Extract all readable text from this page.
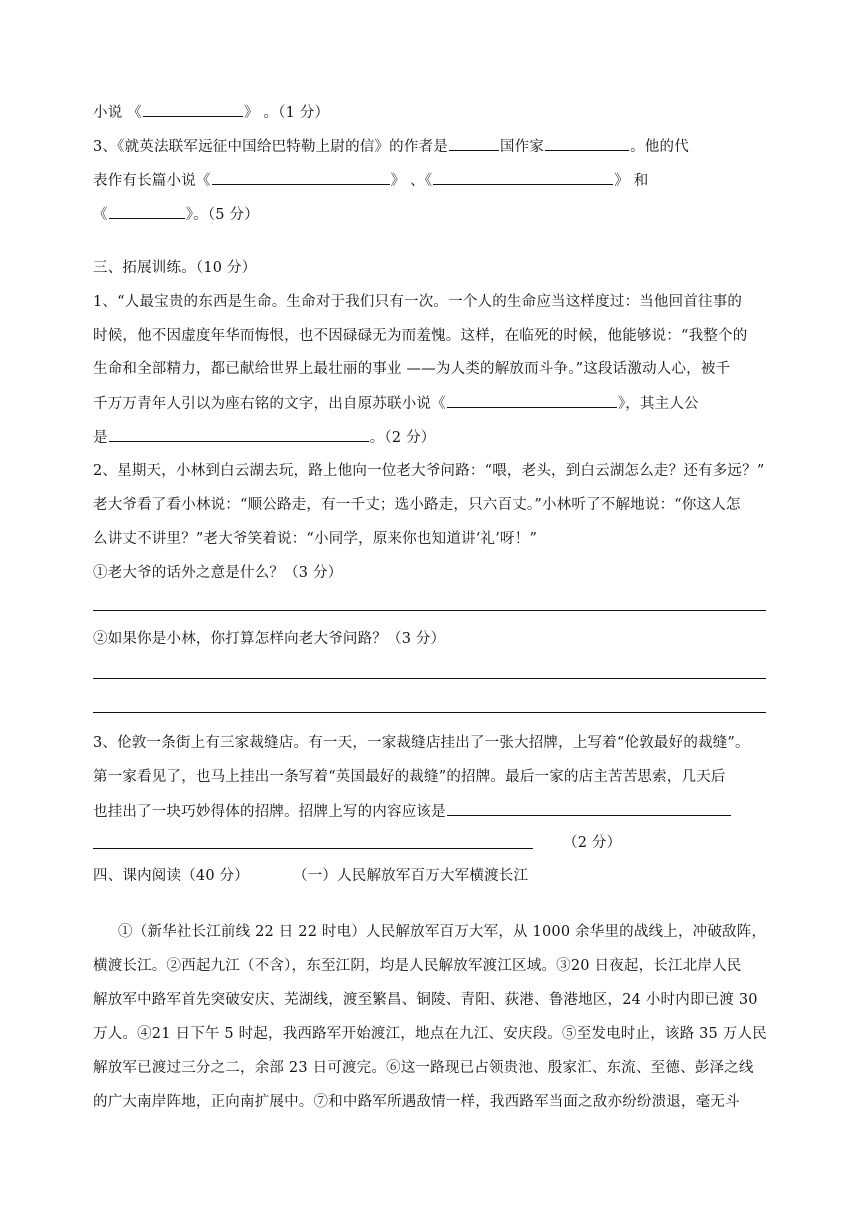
小说 《	》 。（1 分）
3、《就英法联军远征中国给巴特勒上尉的信》的作者是	国作家	。他的代
表作有长篇小说《	》 、《	》 和
《	》。（5 分）
三、拓展训练。（10 分）
1、“人最宝贵的东西是生命。生命对于我们只有一次。一个人的生命应当这样度过：当他回首往事的
时候，他不因虚度年华而悔恨，也不因碌碌无为而羞愧。这样，在临死的时候，他能够说：“我整个的
生命和全部精力，都已献给世界上最壮丽的事业 ——为人类的解放而斗争。”这段话激动人心，被千
千万万青年人引以为座右铭的文字，出自原苏联小说《	》，其主人公
是	。（2 分）
2、星期天，小林到白云湖去玩，路上他向一位老大爷问路：“喂，老头，到白云湖怎么走？还有多远？”
老大爷看了看小林说：“顺公路走，有一千丈；选小路走，只六百丈。”小林听了不解地说：“你这人怎
么讲丈不讲里？”老大爷笑着说：“小同学，原来你也知道讲‘礼’呀！”
①老大爷的话外之意是什么？（3 分）
②如果你是小林，你打算怎样向老大爷问路？（3 分）
3、伦敦一条街上有三家裁缝店。有一天，一家裁缝店挂出了一张大招牌，上写着“伦敦最好的裁缝”。
第一家看见了，也马上挂出一条写着“英国最好的裁缝”的招牌。最后一家的店主苦苦思索，几天后
也挂出了一块巧妙得体的招牌。招牌上写的内容应该是
（2 分）
四、课内阅读（40 分）	（一）人民解放军百万大军横渡长江
①（新华社长江前线 22 日 22 时电）人民解放军百万大军，从 1000 余华里的战线上，冲破敌阵，
横渡长江。②西起九江（不含），东至江阴，均是人民解放军渡江区域。③20 日夜起，长江北岸人民
解放军中路军首先突破安庆、芜湖线，渡至繁昌、铜陵、青阳、荻港、鲁港地区，24 小时内即已渡 30
万人。④21 日下午 5 时起，我西路军开始渡江，地点在九江、安庆段。⑤至发电时止，该路 35 万人民
解放军已渡过三分之二，余部 23 日可渡完。⑥这一路现已占领贵池、殷家汇、东流、至德、彭泽之线
的广大南岸阵地，正向南扩展中。⑦和中路军所遇敌情一样，我西路军当面之敌亦纷纷溃退，毫无斗
